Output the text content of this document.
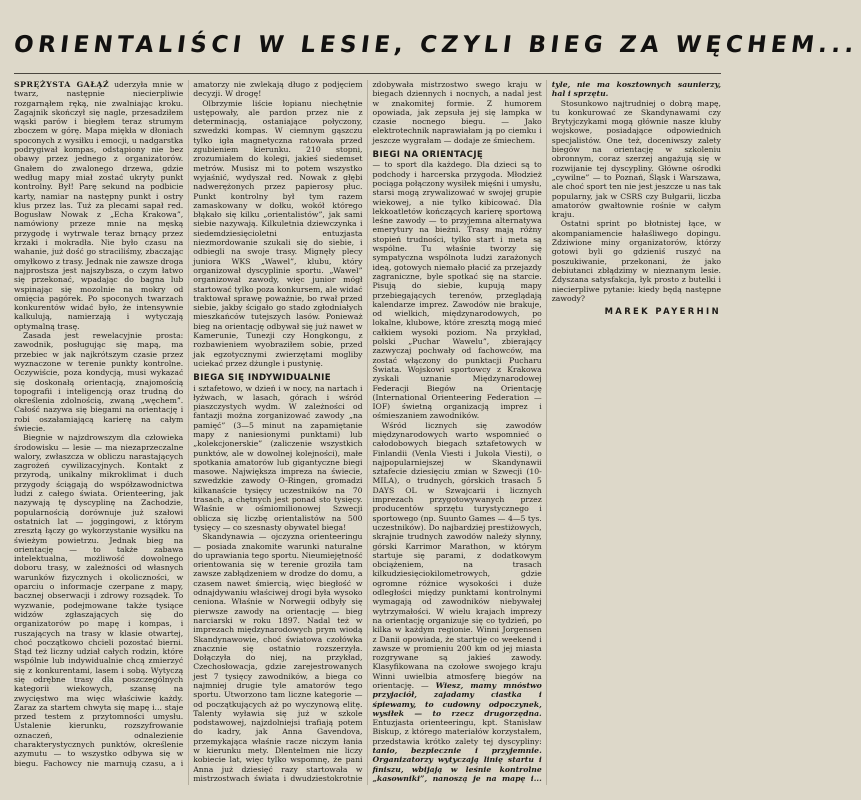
ORIENTALIŚCI W LESIE, CZYLI BIEG ZA WĘCHEM...

SPRĘŻYSTA GAŁĄŹ uderzyła mnie w twarz, następnie niecierpliwie rozgarnąłem ręką, nie zwalniając kroku. Zagajnik skończył się nagle, przesadziłem wąski parów i biegłem teraz strumym zboczem w górę. Mapa miękła w dłoniach spoconych z wysiłku i emocji, u nadgarstka podrygiwał kompas, odstąpiony nie bez obawy przez jednego z organizatorów. Gnałem do zwalonego drzewa, gdzie według mapy miał zostać ukryty punkt kontrolny. Był! Parę sekund na podbicie karty, namiar na następny punkt i ostry klus przez las. Tuż za plecami sapał red. Bogusław Nowak z „Echa Krakowa”, namówiony przeze mnie na męską przygodę i wytrwale teraz brnący przez krzaki i mokradła. Nie było czasu na wahanie, już dość go straciliśmy, zbaczając omyłkowo z trasy. Jednak nie zawsze droga najprostsza jest najszybsza, o czym łatwo się przekonać, wpadając do bagna lub wspinając się mozolnie na mokry od omięcia pagórek. Po spoconych twarzach konkurentów widać było, że intensywnie kalkulują, namierzają i wytyczają optymalną trasę.

Zasada jest rewelacyjnie prosta: zawodnik, posługując się mapą, ma przebiec w jak najkrótszym czasie przez wyznaczone w terenie punkty kontrolne. Oczywiście, poza kondycją, musi wykazać się doskonałą orientacją, znajomością topografii i inteligencją oraz trudną do określenia zdolnością, zwaną „węchem”. Całość nazywa się biegami na orientację i robi oszałamiającą karierę na całym świecie.

Biegnie w najzdrowszym dla człowieka środowisku — lesie — ma niezaprzeczalne walory, zwłaszcza w obliczu narastających zagrożeń cywilizacyjnych. Kontakt z przyrodą, unikalny mikroklimat i duch przygody ściągają do współzawodnictwa ludzi z całego świata. Orienteering, jak nazywają tę dyscyplinę na Zachodzie, popularnością dorównuje już szałowi ostatnich lat — joggingowi, z którym zresztą łączy go wykorzystanie wysiłku na świeżym powietrzu. Jednak bieg na orientację — to także zabawa intelektualna, możliwość dowolnego doboru trasy, w zależności od własnych warunków fizycznych i okoliczności, w oparciu o informacje czerpane z mapy, bacznej obserwacji i zdrowy rozsądek. To wyzwanie, podejmowane także tysiące widzów zgłaszających się do organizatorów po mapę i kompas, i ruszających na trasy w klasie otwartej, choć początkowo chcieli pozostać bierni. Stąd też liczny udział całych rodzin, które wspólnie lub indywidualnie chcą zmierzyć się z konkurentami, lasem i sobą. Wytyczą się odrębne trasy dla poszczególnych kategorii wiekowych, szansę na zwycięstwo ma więc właściwie każdy. Zaraz za startem chwyta się mapę i... staje przed testem z przytomności umysłu. Ustalenie kierunku, rozszyfrowanie oznaczeń, odnalezienie charakterystycznych punktów, określenie azymutu — to wszystko odbywa się w biegu. Fachowcy nie marnują czasu, a i amatorzy nie zwlekają długo z podjęciem decyzji. W drogę!

Olbrzymie liście łopianu niechętnie ustępowały, ale pardon przez nie z determinacją, ostaniające połyczony, szwedzki kompas. W ciemnym gąszczu tylko igła magnetyczna ratowała przed zgubieniem kierunku. 210 stopni, zrozumiałem do kolegi, jakieś siedemset metrów. Musisz mi to potem wszystko wyjaśnić, wydyszał red. Nowak z głębi nadwerężonych przez papierosy płuc. Punkt kontrolny był tym razem zamaskowany w dołku, wokół którego błąkało się kilku „orientalistów”, jak sami siebie nazywają. Kilkuletnia dziewczynka i siedemdziesięcioletni entuzjasta niezmordowanie szukali się do siebie, i odbiegli na swoje trasy. Mignęły plecy juniora WKS „Wawel”, klubu, który organizował dyscyplinie sportu. „Wawel” organizował zawody, więc junior mógł startować tylko poza konkursem, ale widać traktował sprawę poważnie, bo rwał przed siebie, jakby ścigało go stado zgłodniałych mieszkańców tutejszych lasów. Ponieważ bieg na orientację odbywał się już nawet w Kamerunie, Tunezji czy Hongkongu, z rozbawieniem wyobraziłem sobie, przed jak egzotycznymi zwierzętami mogliby uciekać przez dżungle i pustynię.

BIEGA SIĘ INDYWIDUALNIE

i sztafetowo, w dzień i w nocy, na nartach i łyżwach, w lasach, górach i wśród piaszczystych wydm. W zależności od fantazji można zorganizować zawody „na pamięć” (3—5 minut na zapamiętanie mapy z naniesionymi punktami) lub „kolekcjonerskie” (zaliczenie wszystkich punktów, ale w dowolnej kolejności), małe spotkania amatorów lub gigantyczne biegi masowe. Największa impreza na świecie, szwedzkie zawody O-Ringen, gromadzi kilkanaście tysięcy uczestników na 70 trasach, a chętnych jest ponad sto tysięcy. Właśnie w ośmiomilionowej Szwecji oblicza się liczbę orientalistów na 500 tysięcy — co szesnasty obywatel biega!

Skandynawia — ojczyzna orienteeringu — posiada znakomite warunki naturalne do uprawiania tego sportu. Nieumiejętność orientowania się w terenie groziła tam zawsze zabłądzeniem w drodze do domu, a czasem nawet śmiercią, więc biegłość w odnajdywaniu właściwej drogi była wysoko ceniona. Właśnie w Norwegii odbyły się pierwsze zawody na orientację — bieg narciarski w roku 1897. Nadal też w imprezach międzynarodowych prym wiodą Skandynawowie, choć światowa czołówka znacznie się ostatnio rozszerzyła. Dołączyła do niej, na przykład, Czechosłowacja, gdzie zarejestrowanych jest 7 tysięcy zawodników, a biega co najmniej drugie tyle amatorów tego sportu. Utworzono tam liczne kategorie — od początkujących aż po wyczynową elitę. Talenty wyławia się już w szkole podstawowej, najzdolniejsi trafiają potem do kadry, jak Anna Gavendova, przemykająca właśnie racze niczym łania w kierunku mety. Dlentelmen nie liczy kobiecie lat, więc tylko wspomnę, że pani Anna już dziesięć razy startowała w mistrzostwach świata i dwudziestokrotnie zdobywała mistrzostwo swego kraju w biegach dziennych i nocnych, a nadal jest w znakomitej formie. Z humorem opowiada, jak zepsuła jej się lampka w czasie nocnego biegu. — Jako elektrotechnik naprawiałam ją po ciemku i jeszcze wygrałam — dodaje ze śmiechem.

BIEGI NA ORIENTACJĘ

— to sport dla każdego. Dla dzieci są to podchody i harcerska przygoda. Młodzież pociąga połączony wysiłek mięśni i umysłu, starsi mogą zrywalizować w swojej grupie wiekowej, a nie tylko kibicować. Dla lekkoatletów kończących karierę sportową leśne zawody — to przyjemna alternatywa emerytury na bieżni. Trasy mają różny stopień trudności, tylko start i meta są wspólne. Tu właśnie tworzy się sympatyczna wspólnota ludzi zarażonych ideą, gotowych niemało płacić za przejazdy zagraniczne, byle spotkać się na starcie. Pisują do siebie, kupują mapy przebiegających terenów, przeglądają kalendarze imprez. Zawodów nie brakuje, od wielkich, międzynarodowych, po lokalne, klubowe, które zresztą mogą mieć całkiem wysoki poziom. Na przykład, polski „Puchar Wawelu”, zbierający zazwyczaj pochwały od fachowców, ma zostać włączony do punktacji Pucharu Świata. Wojskowi sportowcy z Krakowa zyskali uznanie Międzynarodowej Federacji Biegów na Orientację (International Orienteering Federation — IOF) świetną organizacją imprez i ośmieszaniem zawodników.

Wśród licznych się zawodów międzynarodowych warto wspomnieć o całodobowych biegach sztafetowych w Finlandii (Venla Viesti i Jukola Viesti), o najpopularniejszej w Skandynawii sztafecie dziesięciu zmian w Szwecji (10-MILA), o trudnych, górskich trasach 5 DAYS OL w Szwajcarii i licznych imprezach przygotowywanych przez producentów sprzętu turystycznego i sportowego (np. Suunto Games — 4—5 tys. uczestników). Do najbardziej prestiżowych, skrajnie trudnych zawodów należy słynny, górski Karrimor Marathon, w którym startuje się parami, z dodatkowym obciążeniem, na trasach kilkudziesięciokilometrowych, gdzie ogromne różnice wysokości i duże odległości między punktami kontrolnymi wymagają od zawodników niebywałej wytrzymałości. W wielu krajach imprezy na orientację organizuje się co tydzień, po kilka w każdym regionie. Winni Jorgensen z Danii opowiada, że startuje co weekend i zawsze w promieniu 200 km od jej miasta rozgrywane są jakieś zawody. Klasyfikowana na czołowe swojego kraju Winni uwielbia atmosferę biegów na orientację. — Wiesz, mamy mnóstwo przyjaciół, zajadamy ciastka i śpiewamy, to cudowny odpoczynek, wysiłek — to rzecz drugorzędna. Entuzjasta orienteeringu, kpt. Stanisław Biskup, z którego materiałów korzystałem, przedstawia krótko zalety tej dyscypliny: tanio, bezpiecznie i przyjemnie. Organizatorzy wytyczają linię startu i finiszu, wbijają w leśnie kontrolne „kasowniki”, nanoszą je na mapę i... tyle, nie ma kosztownych saunierzy, hal i sprzętu.

Stosunkowo najtrudniej o dobrą mapę, tu konkurować ze Skandynawami czy Brytyjczykami mogą głównie nasze kluby wojskowe, posiadające odpowiednich specjalistów. One też, doceniwszy zalety biegów na orientację w szkoleniu obronnym, coraz szerzej angażują się w rozwijanie tej dyscypliny. Główne ośrodki „cywilne” — to Poznań, Śląsk i Warszawa, ale choć sport ten nie jest jeszcze u nas tak popularny, jak w CSRS czy Bułgarii, liczba amatorów gwałtownie rośnie w całym kraju.

Ostatni sprint po błotnistej łące, w akompaniamencie hałaśliwego dopingu. Zdziwione miny organizatorów, którzy gotowi byli go gdzieniś ruszyć na poszukiwanie, przekonani, że jako debiutanci zbłądzimy w nieznanym lesie. Zdyszana satysfakcja, łyk prosto z butelki i niecierpliwe pytanie: kiedy będą następne zawody?

MAREK PAYERHIN
